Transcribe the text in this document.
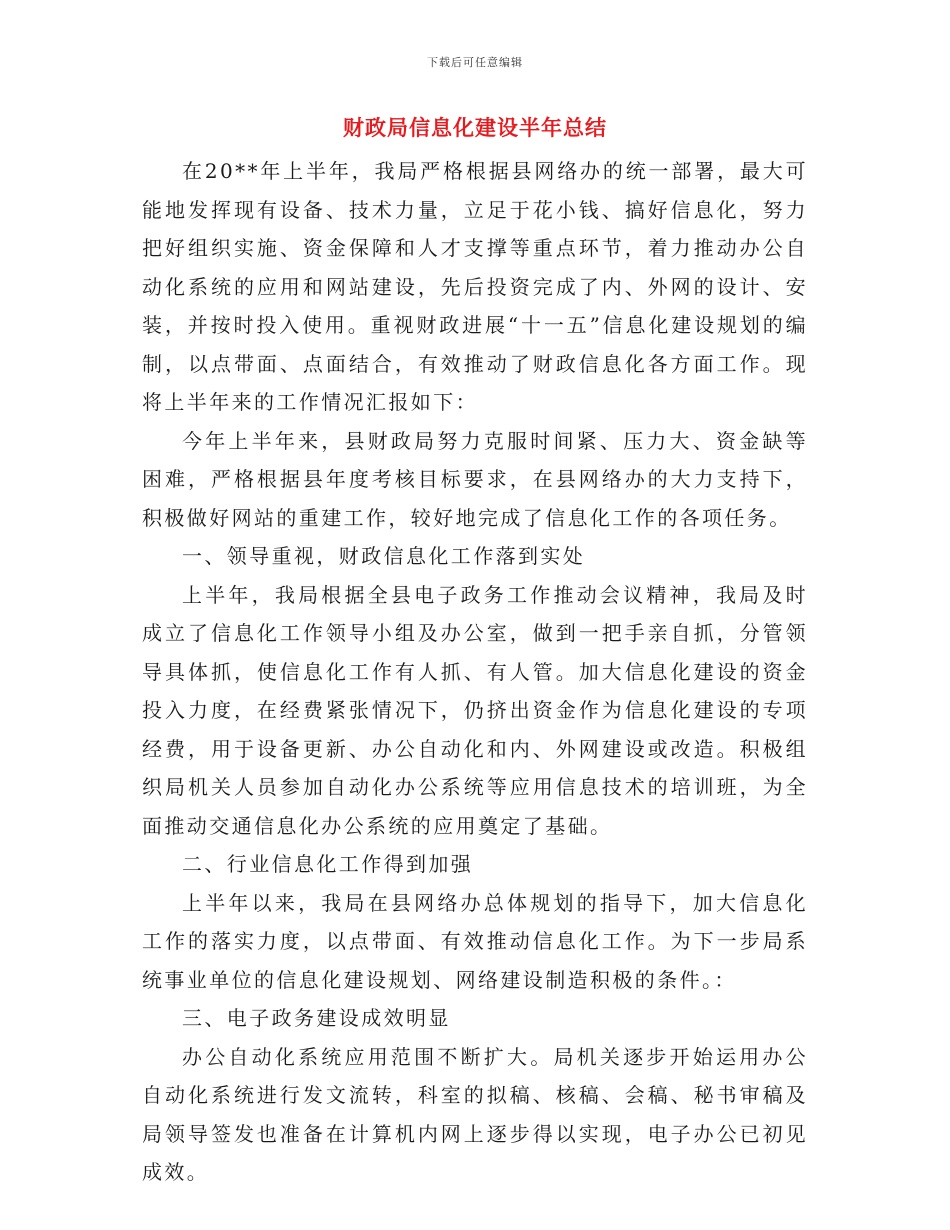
下载后可任意编辑
财政局信息化建设半年总结

在20**年上半年，我局严格根据县网络办的统一部署，最大可能地发挥现有设备、技术力量，立足于花小钱、搞好信息化，努力把好组织实施、资金保障和人才支撑等重点环节，着力推动办公自动化系统的应用和网站建设，先后投资完成了内、外网的设计、安装，并按时投入使用。重视财政进展“十一五”信息化建设规划的编制，以点带面、点面结合，有效推动了财政信息化各方面工作。现将上半年来的工作情况汇报如下：

今年上半年来，县财政局努力克服时间紧、压力大、资金缺等困难，严格根据县年度考核目标要求，在县网络办的大力支持下，积极做好网站的重建工作，较好地完成了信息化工作的各项任务。

一、领导重视，财政信息化工作落到实处

上半年，我局根据全县电子政务工作推动会议精神，我局及时成立了信息化工作领导小组及办公室，做到一把手亲自抓，分管领导具体抓，使信息化工作有人抓、有人管。加大信息化建设的资金投入力度，在经费紧张情况下，仍挤出资金作为信息化建设的专项经费，用于设备更新、办公自动化和内、外网建设或改造。积极组织局机关人员参加自动化办公系统等应用信息技术的培训班，为全面推动交通信息化办公系统的应用奠定了基础。

二、行业信息化工作得到加强

上半年以来，我局在县网络办总体规划的指导下，加大信息化工作的落实力度，以点带面、有效推动信息化工作。为下一步局系统事业单位的信息化建设规划、网络建设制造积极的条件。：

三、电子政务建设成效明显

办公自动化系统应用范围不断扩大。局机关逐步开始运用办公自动化系统进行发文流转，科室的拟稿、核稿、会稿、秘书审稿及局领导签发也准备在计算机内网上逐步得以实现，电子办公已初见成效。
